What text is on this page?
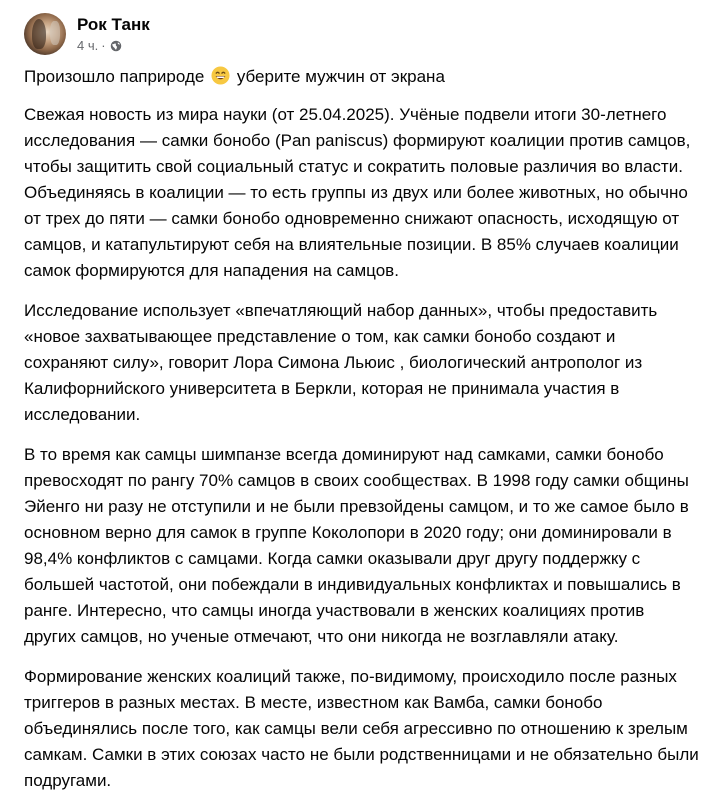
Рок Танк
4 ч. ·

Произошло паприроде уберите мужчин от экрана

Свежая новость из мира науки (от 25.04.2025). Учёные подвели итоги 30-летнего исследования — самки бонобо (Pan paniscus) формируют коалиции против самцов, чтобы защитить свой социальный статус и сократить половые различия во власти. Объединяясь в коалиции — то есть группы из двух или более животных, но обычно от трех до пяти — самки бонобо одновременно снижают опасность, исходящую от самцов, и катапультируют себя на влиятельные позиции. В 85% случаев коалиции самок формируются для нападения на самцов.

Исследование использует «впечатляющий набор данных», чтобы предоставить «новое захватывающее представление о том, как самки бонобо создают и сохраняют силу», говорит Лора Симона Льюис , биологический антрополог из Калифорнийского университета в Беркли, которая не принимала участия в исследовании.

В то время как самцы шимпанзе всегда доминируют над самками, самки бонобо превосходят по рангу 70% самцов в своих сообществах. В 1998 году самки общины Эйенго ни разу не отступили и не были превзойдены самцом, и то же самое было в основном верно для самок в группе Коколопори в 2020 году; они доминировали в 98,4% конфликтов с самцами. Когда самки оказывали друг другу поддержку с большей частотой, они побеждали в индивидуальных конфликтах и повышались в ранге. Интересно, что самцы иногда участвовали в женских коалициях против других самцов, но ученые отмечают, что они никогда не возглавляли атаку.

Формирование женских коалиций также, по-видимому, происходило после разных триггеров в разных местах. В месте, известном как Вамба, самки бонобо объединялись после того, как самцы вели себя агрессивно по отношению к зрелым самкам. Самки в этих союзах часто не были родственницами и не обязательно были подругами.
